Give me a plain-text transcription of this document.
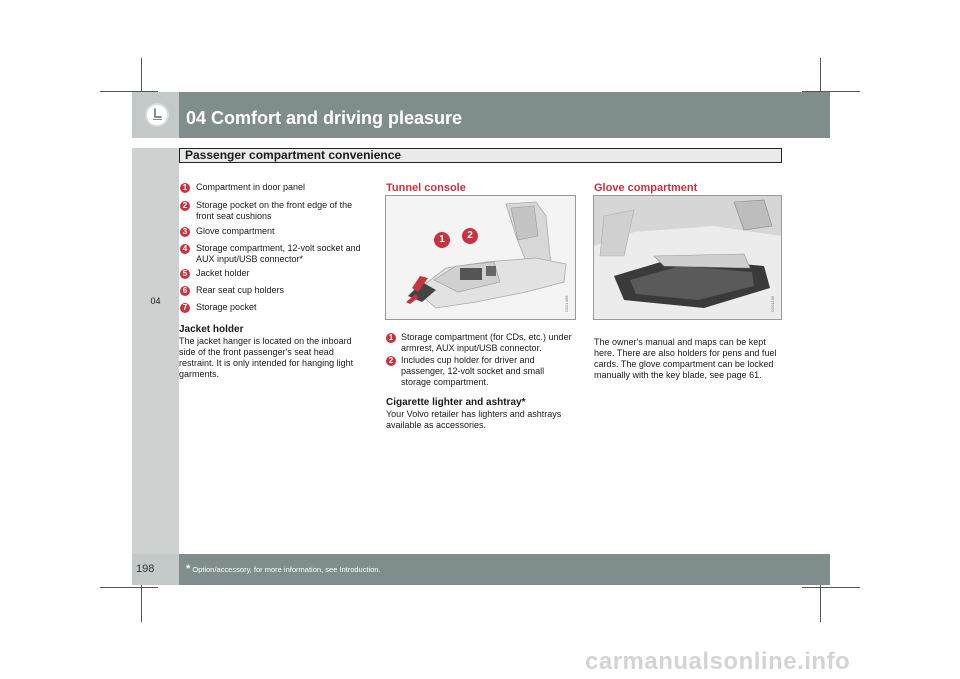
04 Comfort and driving pleasure
Passenger compartment convenience
04
198	* Option/accessory, for more information, see Introduction.
1 Compartment in door panel
2 Storage pocket on the front edge of the front seat cushions
3 Glove compartment
4 Storage compartment, 12-volt socket and AUX input/USB connector*
5 Jacket holder
6 Rear seat cup holders
7 Storage pocket
Jacket holder
The jacket hanger is located on the inboard side of the front passenger's seat head restraint. It is only intended for hanging light garments.
Tunnel console
1	2
G021458
1 Storage compartment (for CDs, etc.) under armrest, AUX input/USB connector.
2 Includes cup holder for driver and passenger, 12-volt socket and small storage compartment.
Cigarette lighter and ashtray*
Your Volvo retailer has lighters and ashtrays available as accessories.
Glove compartment
G021106
The owner's manual and maps can be kept here. There are also holders for pens and fuel cards. The glove compartment can be locked manually with the key blade, see page 61.
carmanualsonline.info
